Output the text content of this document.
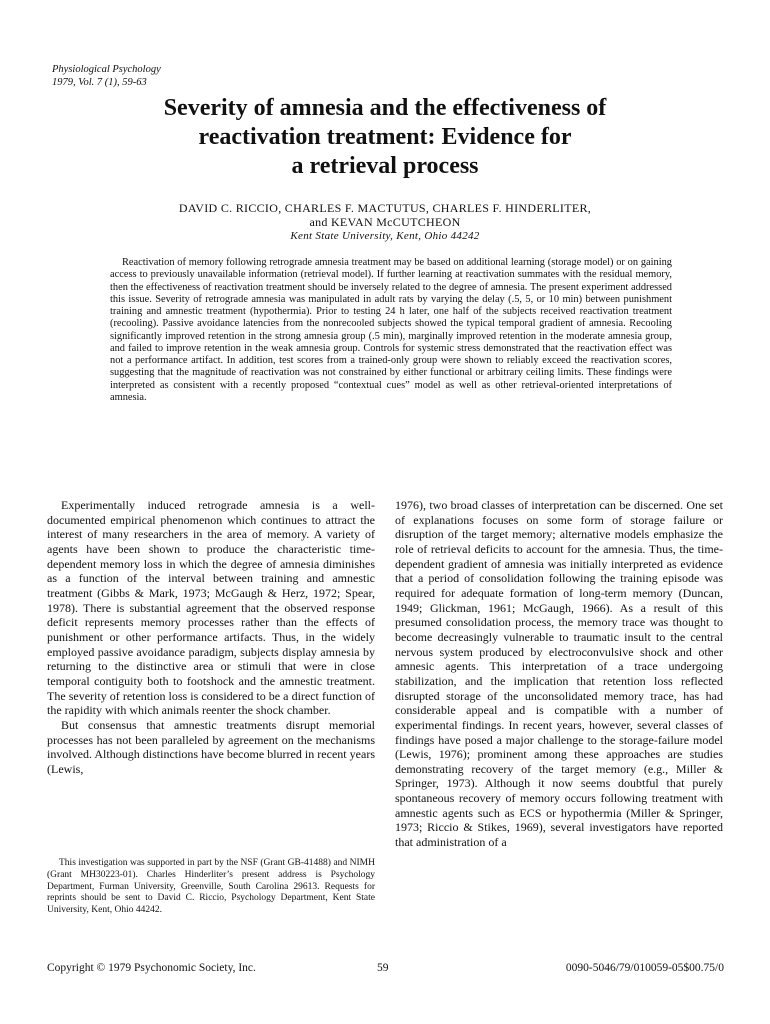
Physiological Psychology
1979, Vol. 7 (1), 59-63
Severity of amnesia and the effectiveness of
reactivation treatment: Evidence for
a retrieval process
DAVID C. RICCIO, CHARLES F. MACTUTUS, CHARLES F. HINDERLITER,
and KEVAN McCUTCHEON
Kent State University, Kent, Ohio 44242

Reactivation of memory following retrograde amnesia treatment may be based on additional learning (storage model) or on gaining access to previously unavailable information (retrieval model). If further learning at reactivation summates with the residual memory, then the effectiveness of reactivation treatment should be inversely related to the degree of amnesia. The present experiment addressed this issue. Severity of retrograde amnesia was manipulated in adult rats by varying the delay (.5, 5, or 10 min) between punishment training and amnestic treatment (hypothermia). Prior to testing 24 h later, one half of the subjects received reactivation treatment (recooling). Passive avoidance latencies from the nonrecooled subjects showed the typical temporal gradient of amnesia. Recooling significantly improved retention in the strong amnesia group (.5 min), marginally improved retention in the moderate amnesia group, and failed to improve retention in the weak amnesia group. Controls for systemic stress demonstrated that the reactivation effect was not a performance artifact. In addition, test scores from a trained-only group were shown to reliably exceed the reactivation scores, suggesting that the magnitude of reactivation was not constrained by either functional or arbitrary ceiling limits. These findings were interpreted as consistent with a recently proposed “contextual cues” model as well as other retrieval-oriented interpretations of amnesia.

Experimentally induced retrograde amnesia is a well-documented empirical phenomenon which continues to attract the interest of many researchers in the area of memory. A variety of agents have been shown to produce the characteristic time-dependent memory loss in which the degree of amnesia diminishes as a function of the interval between training and amnestic treatment (Gibbs & Mark, 1973; McGaugh & Herz, 1972; Spear, 1978). There is substantial agreement that the observed response deficit represents memory processes rather than the effects of punishment or other performance artifacts. Thus, in the widely employed passive avoidance paradigm, subjects display amnesia by returning to the distinctive area or stimuli that were in close temporal contiguity both to footshock and the amnestic treatment. The severity of retention loss is considered to be a direct function of the rapidity with which animals reenter the shock chamber.

But consensus that amnestic treatments disrupt memorial processes has not been paralleled by agreement on the mechanisms involved. Although distinctions have become blurred in recent years (Lewis,

This investigation was supported in part by the NSF (Grant GB-41488) and NIMH (Grant MH30223-01). Charles Hinderliter’s present address is Psychology Department, Furman University, Greenville, South Carolina 29613. Requests for reprints should be sent to David C. Riccio, Psychology Department, Kent State University, Kent, Ohio 44242.

1976), two broad classes of interpretation can be discerned. One set of explanations focuses on some form of storage failure or disruption of the target memory; alternative models emphasize the role of retrieval deficits to account for the amnesia. Thus, the time-dependent gradient of amnesia was initially interpreted as evidence that a period of consolidation following the training episode was required for adequate formation of long-term memory (Duncan, 1949; Glickman, 1961; McGaugh, 1966). As a result of this presumed consolidation process, the memory trace was thought to become decreasingly vulnerable to traumatic insult to the central nervous system produced by electroconvulsive shock and other amnesic agents. This interpretation of a trace undergoing stabilization, and the implication that retention loss reflected disrupted storage of the unconsolidated memory trace, has had considerable appeal and is compatible with a number of experimental findings. In recent years, however, several classes of findings have posed a major challenge to the storage-failure model (Lewis, 1976); prominent among these approaches are studies demonstrating recovery of the target memory (e.g., Miller & Springer, 1973). Although it now seems doubtful that purely spontaneous recovery of memory occurs following treatment with amnestic agents such as ECS or hypothermia (Miller & Springer, 1973; Riccio & Stikes, 1969), several investigators have reported that administration of a

Copyright © 1979 Psychonomic Society, Inc.	59	0090-5046/79/010059-05$00.75/0
